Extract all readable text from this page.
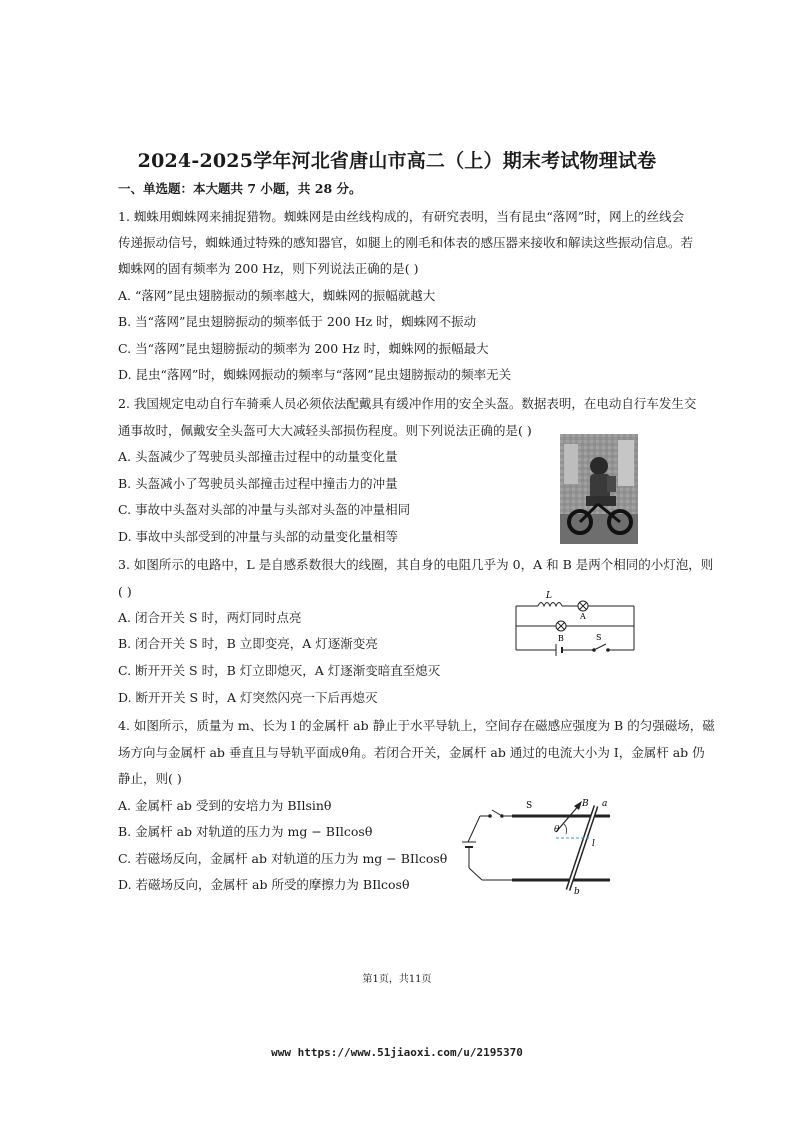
2024-2025学年河北省唐山市高二（上）期末考试物理试卷
一、单选题：本大题共 7 小题，共 28 分。
1. 蜘蛛用蜘蛛网来捕捉猎物。蜘蛛网是由丝线构成的，有研究表明，当有昆虫“落网”时，网上的丝线会
传递振动信号，蜘蛛通过特殊的感知器官，如腿上的刚毛和体表的感压器来接收和解读这些振动信息。若
蜘蛛网的固有频率为 200 Hz，则下列说法正确的是( )
A. “落网”昆虫翅膀振动的频率越大，蜘蛛网的振幅就越大
B. 当“落网”昆虫翅膀振动的频率低于 200 Hz 时，蜘蛛网不振动
C. 当“落网”昆虫翅膀振动的频率为 200 Hz 时，蜘蛛网的振幅最大
D. 昆虫“落网”时，蜘蛛网振动的频率与“落网”昆虫翅膀振动的频率无关
2. 我国规定电动自行车骑乘人员必须依法配戴具有缓冲作用的安全头盔。数据表明，在电动自行车发生交
通事故时，佩戴安全头盔可大大减轻头部损伤程度。则下列说法正确的是( )
A. 头盔减少了驾驶员头部撞击过程中的动量变化量
B. 头盔减小了驾驶员头部撞击过程中撞击力的冲量
C. 事故中头盔对头部的冲量与头部对头盔的冲量相同
D. 事故中头部受到的冲量与头部的动量变化量相等
3. 如图所示的电路中，L 是自感系数很大的线圈，其自身的电阻几乎为 0，A 和 B 是两个相同的小灯泡，则
( )
A. 闭合开关 S 时，两灯同时点亮
B. 闭合开关 S 时，B 立即变亮，A 灯逐渐变亮
C. 断开开关 S 时，B 灯立即熄灭，A 灯逐渐变暗直至熄灭
D. 断开开关 S 时，A 灯突然闪亮一下后再熄灭
L
A
B	S
4. 如图所示，质量为 m、长为 l 的金属杆 ab 静止于水平导轨上，空间存在磁感应强度为 B 的匀强磁场，磁
场方向与金属杆 ab 垂直且与导轨平面成θ角。若闭合开关，金属杆 ab 通过的电流大小为 I，金属杆 ab 仍
静止，则( )
A. 金属杆 ab 受到的安培力为 BIlsinθ
B. 金属杆 ab 对轨道的压力为 mg − BIlcosθ
C. 若磁场反向，金属杆 ab 对轨道的压力为 mg − BIlcosθ
D. 若磁场反向，金属杆 ab 所受的摩擦力为 BIlcosθ
S	B a
b
θ
l
第1页，共11页
www https://www.51jiaoxi.com/u/2195370
